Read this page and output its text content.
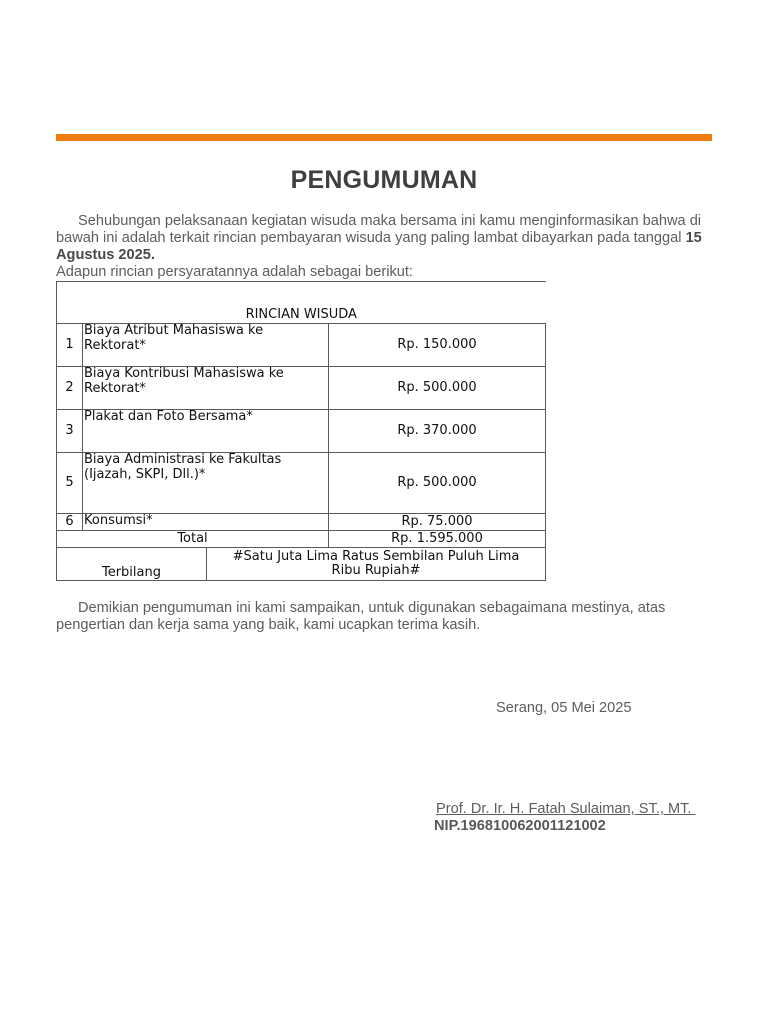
PENGUMUMAN
Sehubungan pelaksanaan kegiatan wisuda maka bersama ini kamu menginformasikan bahwa di bawah ini adalah terkait rincian pembayaran wisuda yang paling lambat dibayarkan pada tanggal 15 Agustus 2025.
Adapun rincian persyaratannya adalah sebagai berikut:
RINCIAN WISUDA			
1	Biaya Atribut Mahasiswa ke
Rektorat*		Rp. 150.000
2	Biaya Kontribusi Mahasiswa ke
Rektorat*		Rp. 500.000
3	Plakat dan Foto Bersama*		Rp. 370.000
5	Biaya Administrasi ke Fakultas
(Ijazah, SKPI, Dll.)*		Rp. 500.000
6	Konsumsi*		Rp. 75.000
Total			Rp. 1.595.000
Terbilang		#Satu Juta Lima Ratus Sembilan Puluh Lima
Ribu Rupiah#	
Demikian pengumuman ini kami sampaikan, untuk digunakan sebagaimana mestinya, atas pengertian dan kerja sama yang baik, kami ucapkan terima kasih.
Serang, 05 Mei 2025
Prof. Dr. Ir. H. Fatah Sulaiman, ST., MT.
NIP.196810062001121002
